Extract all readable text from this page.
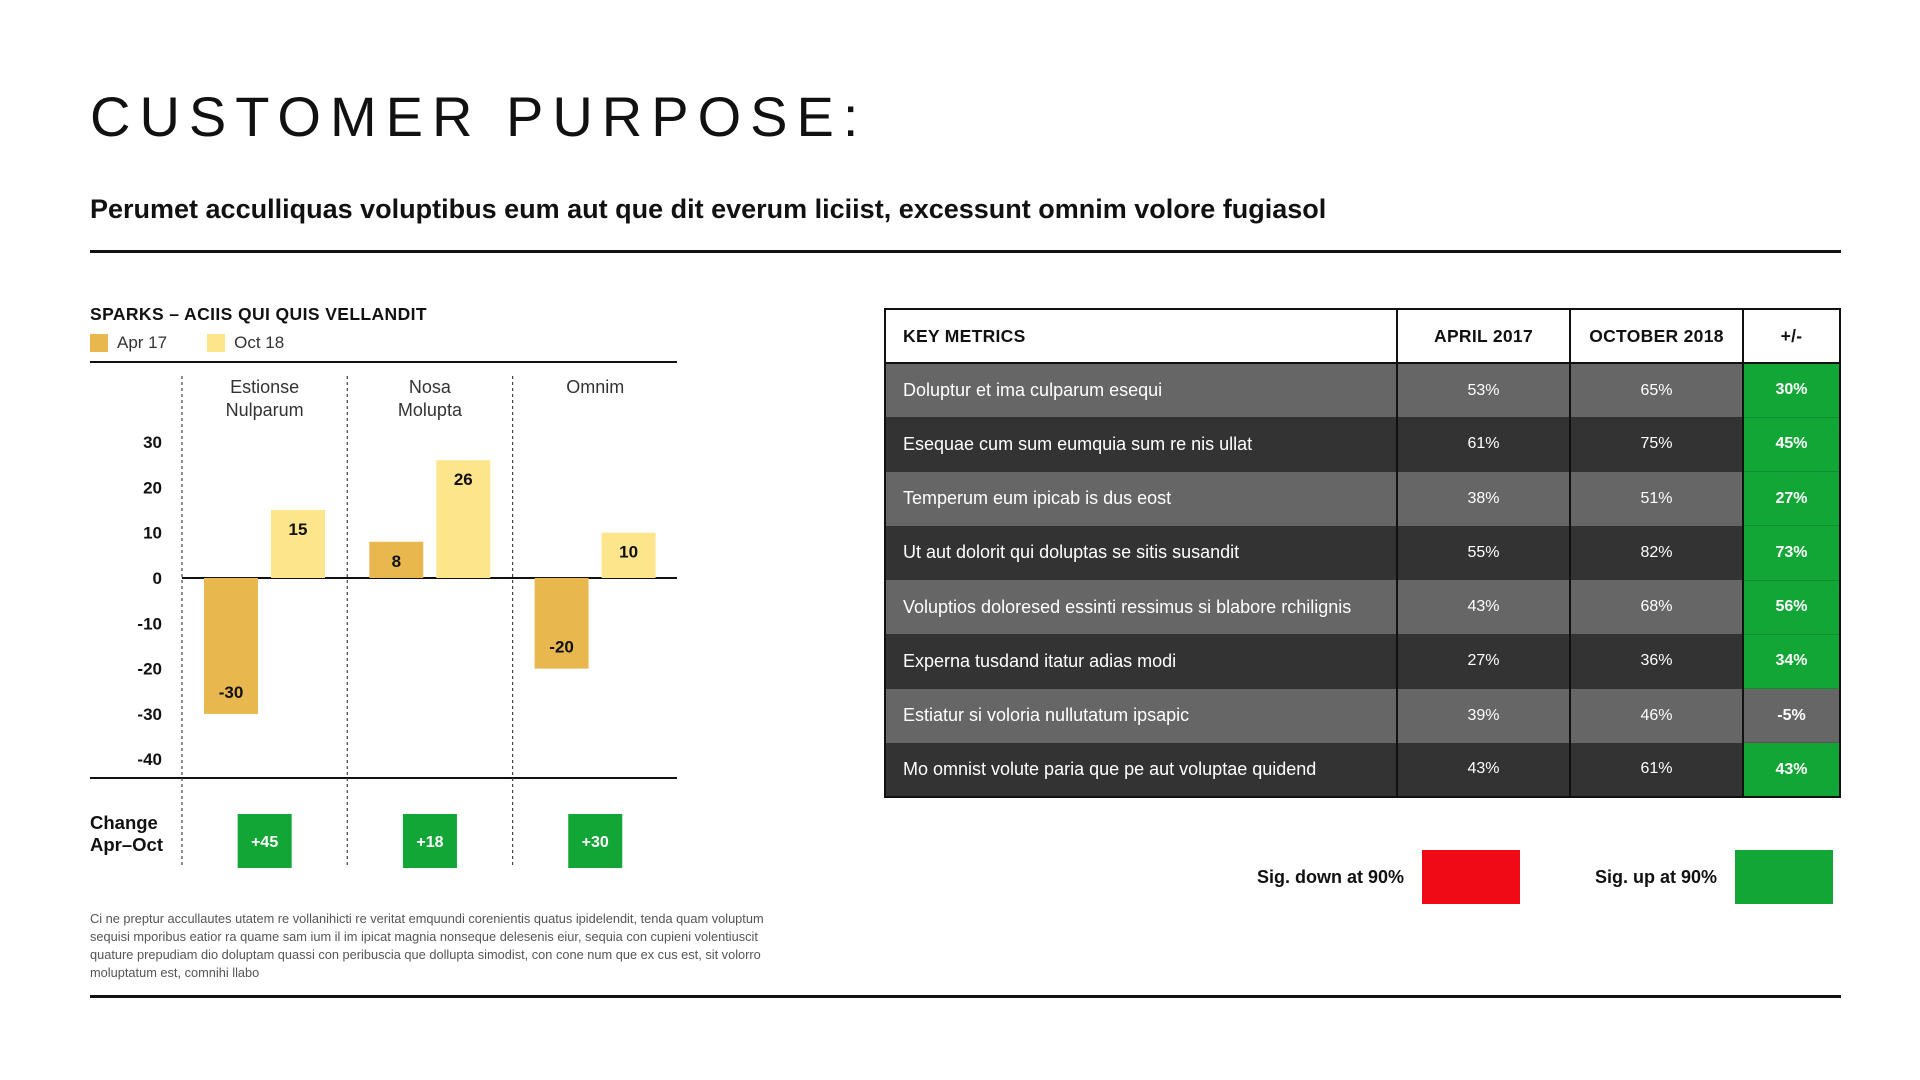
CUSTOMER PURPOSE:
Perumet acculliquas voluptibus eum aut que dit everum liciist, excessunt omnim volore fugiasol
SPARKS – ACIIS QUI QUIS VELLANDIT
Apr 17	Oct 18
30
20
10
0
-10
-20
-30
-40
Estionse
Nulparum
Nosa
Molupta
Omnim
-30
8
-20
15
26
10
Change
Apr–Oct	+45	+18	+30
Ci ne preptur accullautes utatem re vollanihicti re veritat emquundi corenientis quatus ipidelendit, tenda quam voluptum sequisi mporibus eatior ra quame sam ium il im ipicat magnia nonseque delesenis eiur, sequia con cupieni volentiuscit quature prepudiam dio doluptam quassi con peribuscia que dollupta simodist, con cone num que ex cus est, sit volorro moluptatum est, comnihi llabo
KEY METRICS	APRIL 2017	OCTOBER 2018	+/-
Doluptur et ima culparum esequi	53%	65%	30%
Esequae cum sum eumquia sum re nis ullat	61%	75%	45%
Temperum eum ipicab is dus eost	38%	51%	27%
Ut aut dolorit qui doluptas se sitis susandit	55%	82%	73%
Voluptios doloresed essinti ressimus si blabore rchilignis	43%	68%	56%
Experna tusdand itatur adias modi	27%	36%	34%
Estiatur si voloria nullutatum ipsapic	39%	46%	-5%
Mo omnist volute paria que pe aut voluptae quidend	43%	61%	43%
Sig. down at 90%	Sig. up at 90%
